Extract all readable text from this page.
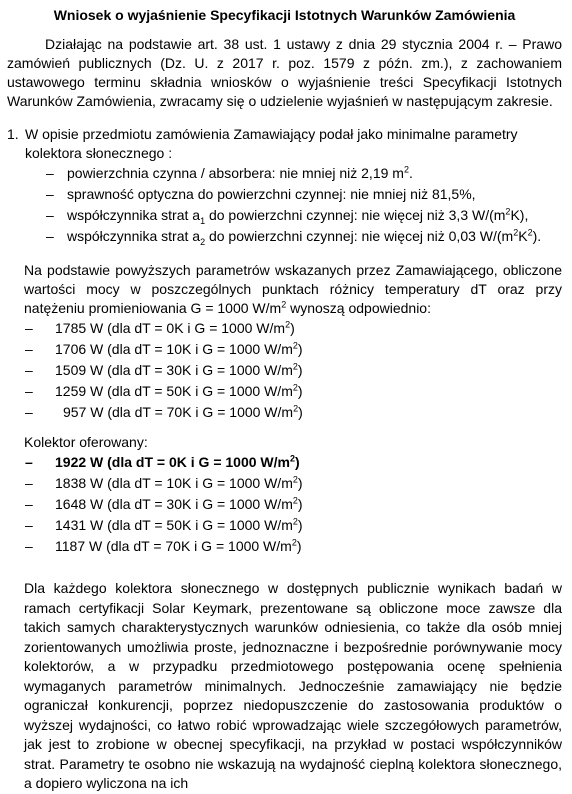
Wniosek o wyjaśnienie Specyfikacji Istotnych Warunków Zamówienia

Działając na podstawie art. 38 ust. 1 ustawy z dnia 29 stycznia 2004 r. – Prawo zamówień publicznych (Dz. U. z 2017 r. poz. 1579 z późn. zm.), z zachowaniem ustawowego terminu składnia wniosków o wyjaśnienie treści Specyfikacji Istotnych Warunków Zamówienia, zwracamy się o udzielenie wyjaśnień w następującym zakresie.

1. W opisie przedmiotu zamówienia Zamawiający podał jako minimalne parametry kolektora słonecznego :
– powierzchnia czynna / absorbera: nie mniej niż 2,19 $m^2$.
– sprawność optyczna do powierzchni czynnej: nie mniej niż 81,5%,
– współczynnika strat $a_1$ do powierzchni czynnej: nie więcej niż 3,3 $W/(m^2K)$,
– współczynnika strat $a_2$ do powierzchni czynnej: nie więcej niż 0,03 $W/(m^2K^2)$.

Na podstawie powyższych parametrów wskazanych przez Zamawiającego, obliczone wartości mocy w poszczególnych punktach różnicy temperatury dT oraz przy natężeniu promieniowania G = 1000 $W/m^2$ wynoszą odpowiednio:

–	1785 W (dla dT = 0K i G = 1000 $W/m^2$)
–	1706 W (dla dT = 10K i G = 1000 $W/m^2$)
–	1509 W (dla dT = 30K i G = 1000 $W/m^2$)
–	1259 W (dla dT = 50K i G = 1000 $W/m^2$)
–	957 W (dla dT = 70K i G = 1000 $W/m^2$)
Kolektor oferowany:
–	1922 W (dla dT = 0K i G = 1000 $W/m^2$)
–	1838 W (dla dT = 10K i G = 1000 $W/m^2$)
–	1648 W (dla dT = 30K i G = 1000 $W/m^2$)
–	1431 W (dla dT = 50K i G = 1000 $W/m^2$)
–	1187 W (dla dT = 70K i G = 1000 $W/m^2$)

Dla każdego kolektora słonecznego w dostępnych publicznie wynikach badań w ramach certyfikacji Solar Keymark, prezentowane są obliczone moce zawsze dla takich samych charakterystycznych warunków odniesienia, co także dla osób mniej zorientowanych umożliwia proste, jednoznaczne i bezpośrednie porównywanie mocy kolektorów, a w przypadku przedmiotowego postępowania ocenę spełnienia wymaganych parametrów minimalnych. Jednocześnie zamawiający nie będzie ograniczał konkurencji, poprzez niedopuszczenie do zastosowania produktów o wyższej wydajności, co łatwo robić wprowadzając wiele szczegółowych parametrów, jak jest to zrobione w obecnej specyfikacji, na przykład w postaci współczynników strat. Parametry te osobno nie wskazują na wydajność cieplną kolektora słonecznego, a dopiero wyliczona na ich
